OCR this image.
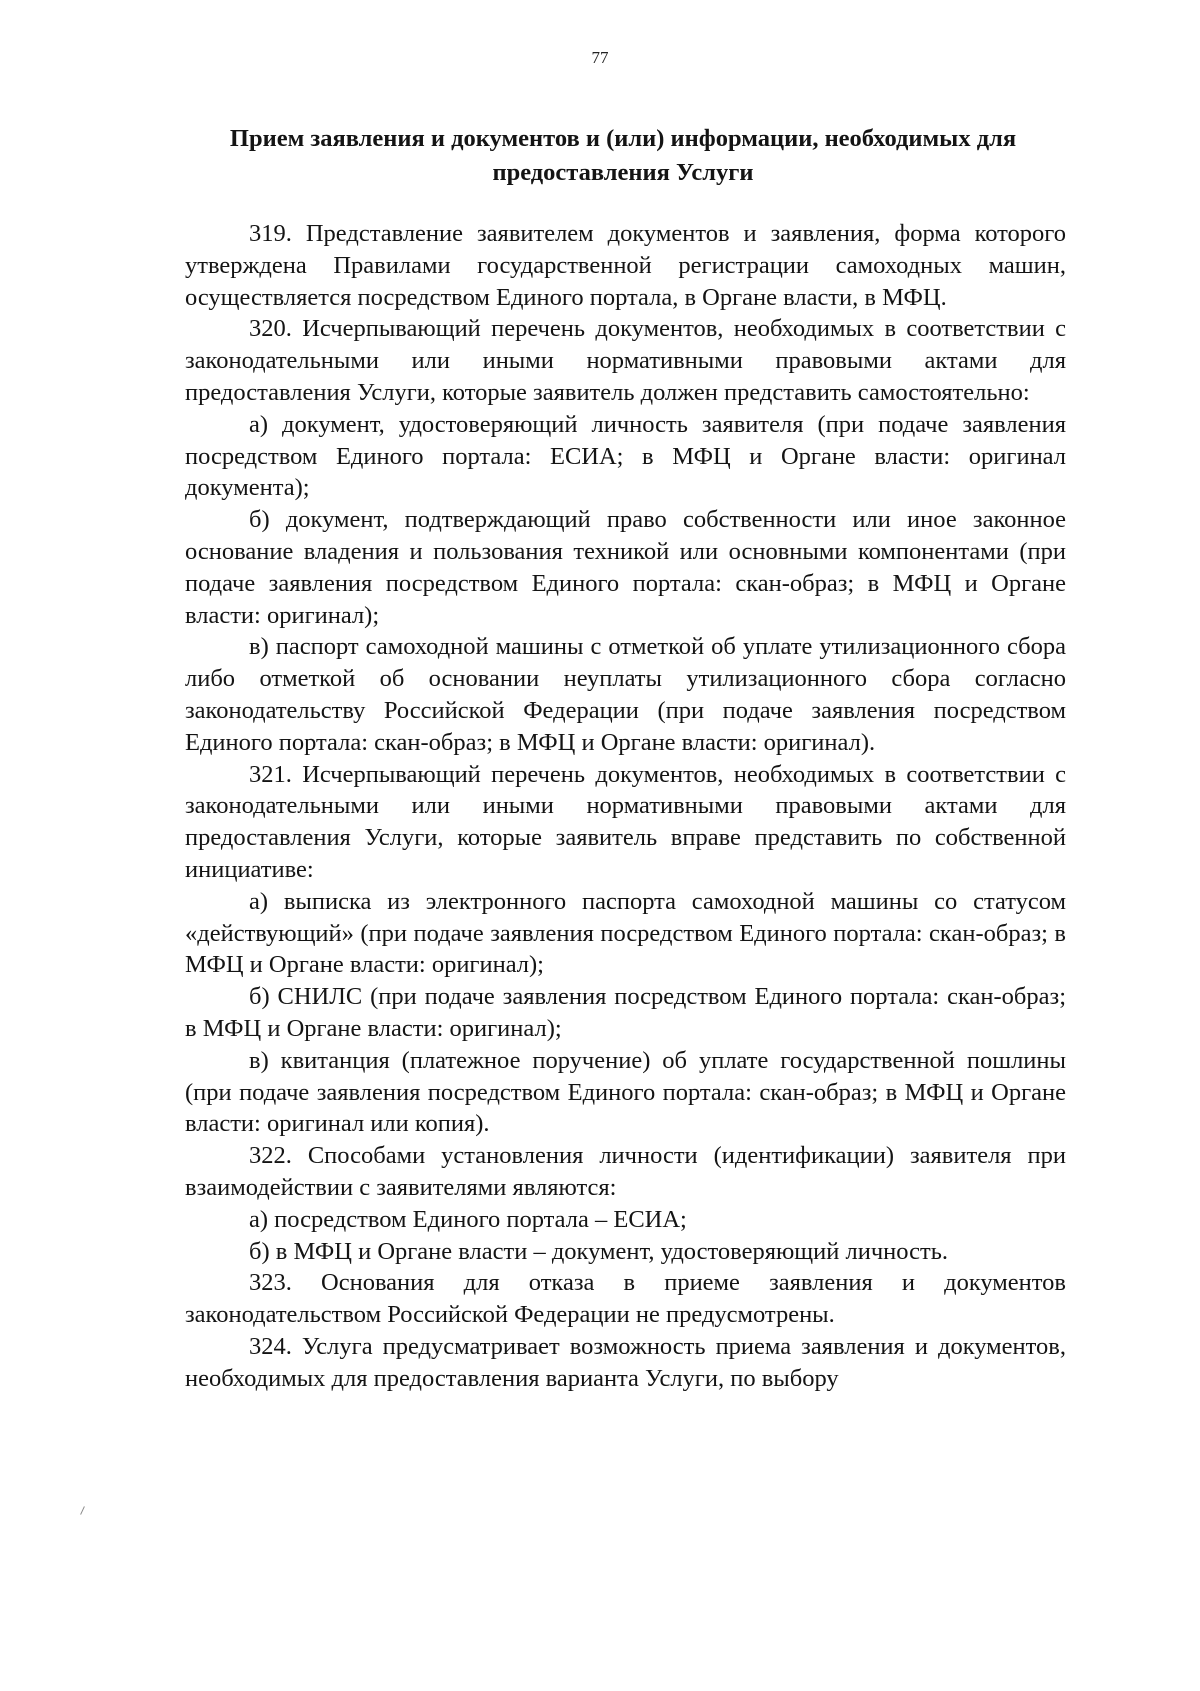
77
Прием заявления и документов и (или) информации, необходимых для предоставления Услуги

319. Представление заявителем документов и заявления, форма которого утверждена Правилами государственной регистрации самоходных машин, осуществляется посредством Единого портала, в Органе власти, в МФЦ.

320. Исчерпывающий перечень документов, необходимых в соответствии с законодательными или иными нормативными правовыми актами для предоставления Услуги, которые заявитель должен представить самостоятельно:

а) документ, удостоверяющий личность заявителя (при подаче заявления посредством Единого портала: ЕСИА; в МФЦ и Органе власти: оригинал документа);

б) документ, подтверждающий право собственности или иное законное основание владения и пользования техникой или основными компонентами (при подаче заявления посредством Единого портала: скан-образ; в МФЦ и Органе власти: оригинал);

в) паспорт самоходной машины с отметкой об уплате утилизационного сбора либо отметкой об основании неуплаты утилизационного сбора согласно законодательству Российской Федерации (при подаче заявления посредством Единого портала: скан-образ; в МФЦ и Органе власти: оригинал).

321. Исчерпывающий перечень документов, необходимых в соответствии с законодательными или иными нормативными правовыми актами для предоставления Услуги, которые заявитель вправе представить по собственной инициативе:

а) выписка из электронного паспорта самоходной машины со статусом «действующий» (при подаче заявления посредством Единого портала: скан-образ; в МФЦ и Органе власти: оригинал);

б) СНИЛС (при подаче заявления посредством Единого портала: скан-образ; в МФЦ и Органе власти: оригинал);

в) квитанция (платежное поручение) об уплате государственной пошлины (при подаче заявления посредством Единого портала: скан-образ; в МФЦ и Органе власти: оригинал или копия).

322. Способами установления личности (идентификации) заявителя при взаимодействии с заявителями являются:

а) посредством Единого портала – ЕСИА;

б) в МФЦ и Органе власти – документ, удостоверяющий личность.

323. Основания для отказа в приеме заявления и документов законодательством Российской Федерации не предусмотрены.

324. Услуга предусматривает возможность приема заявления и документов, необходимых для предоставления варианта Услуги, по выбору
